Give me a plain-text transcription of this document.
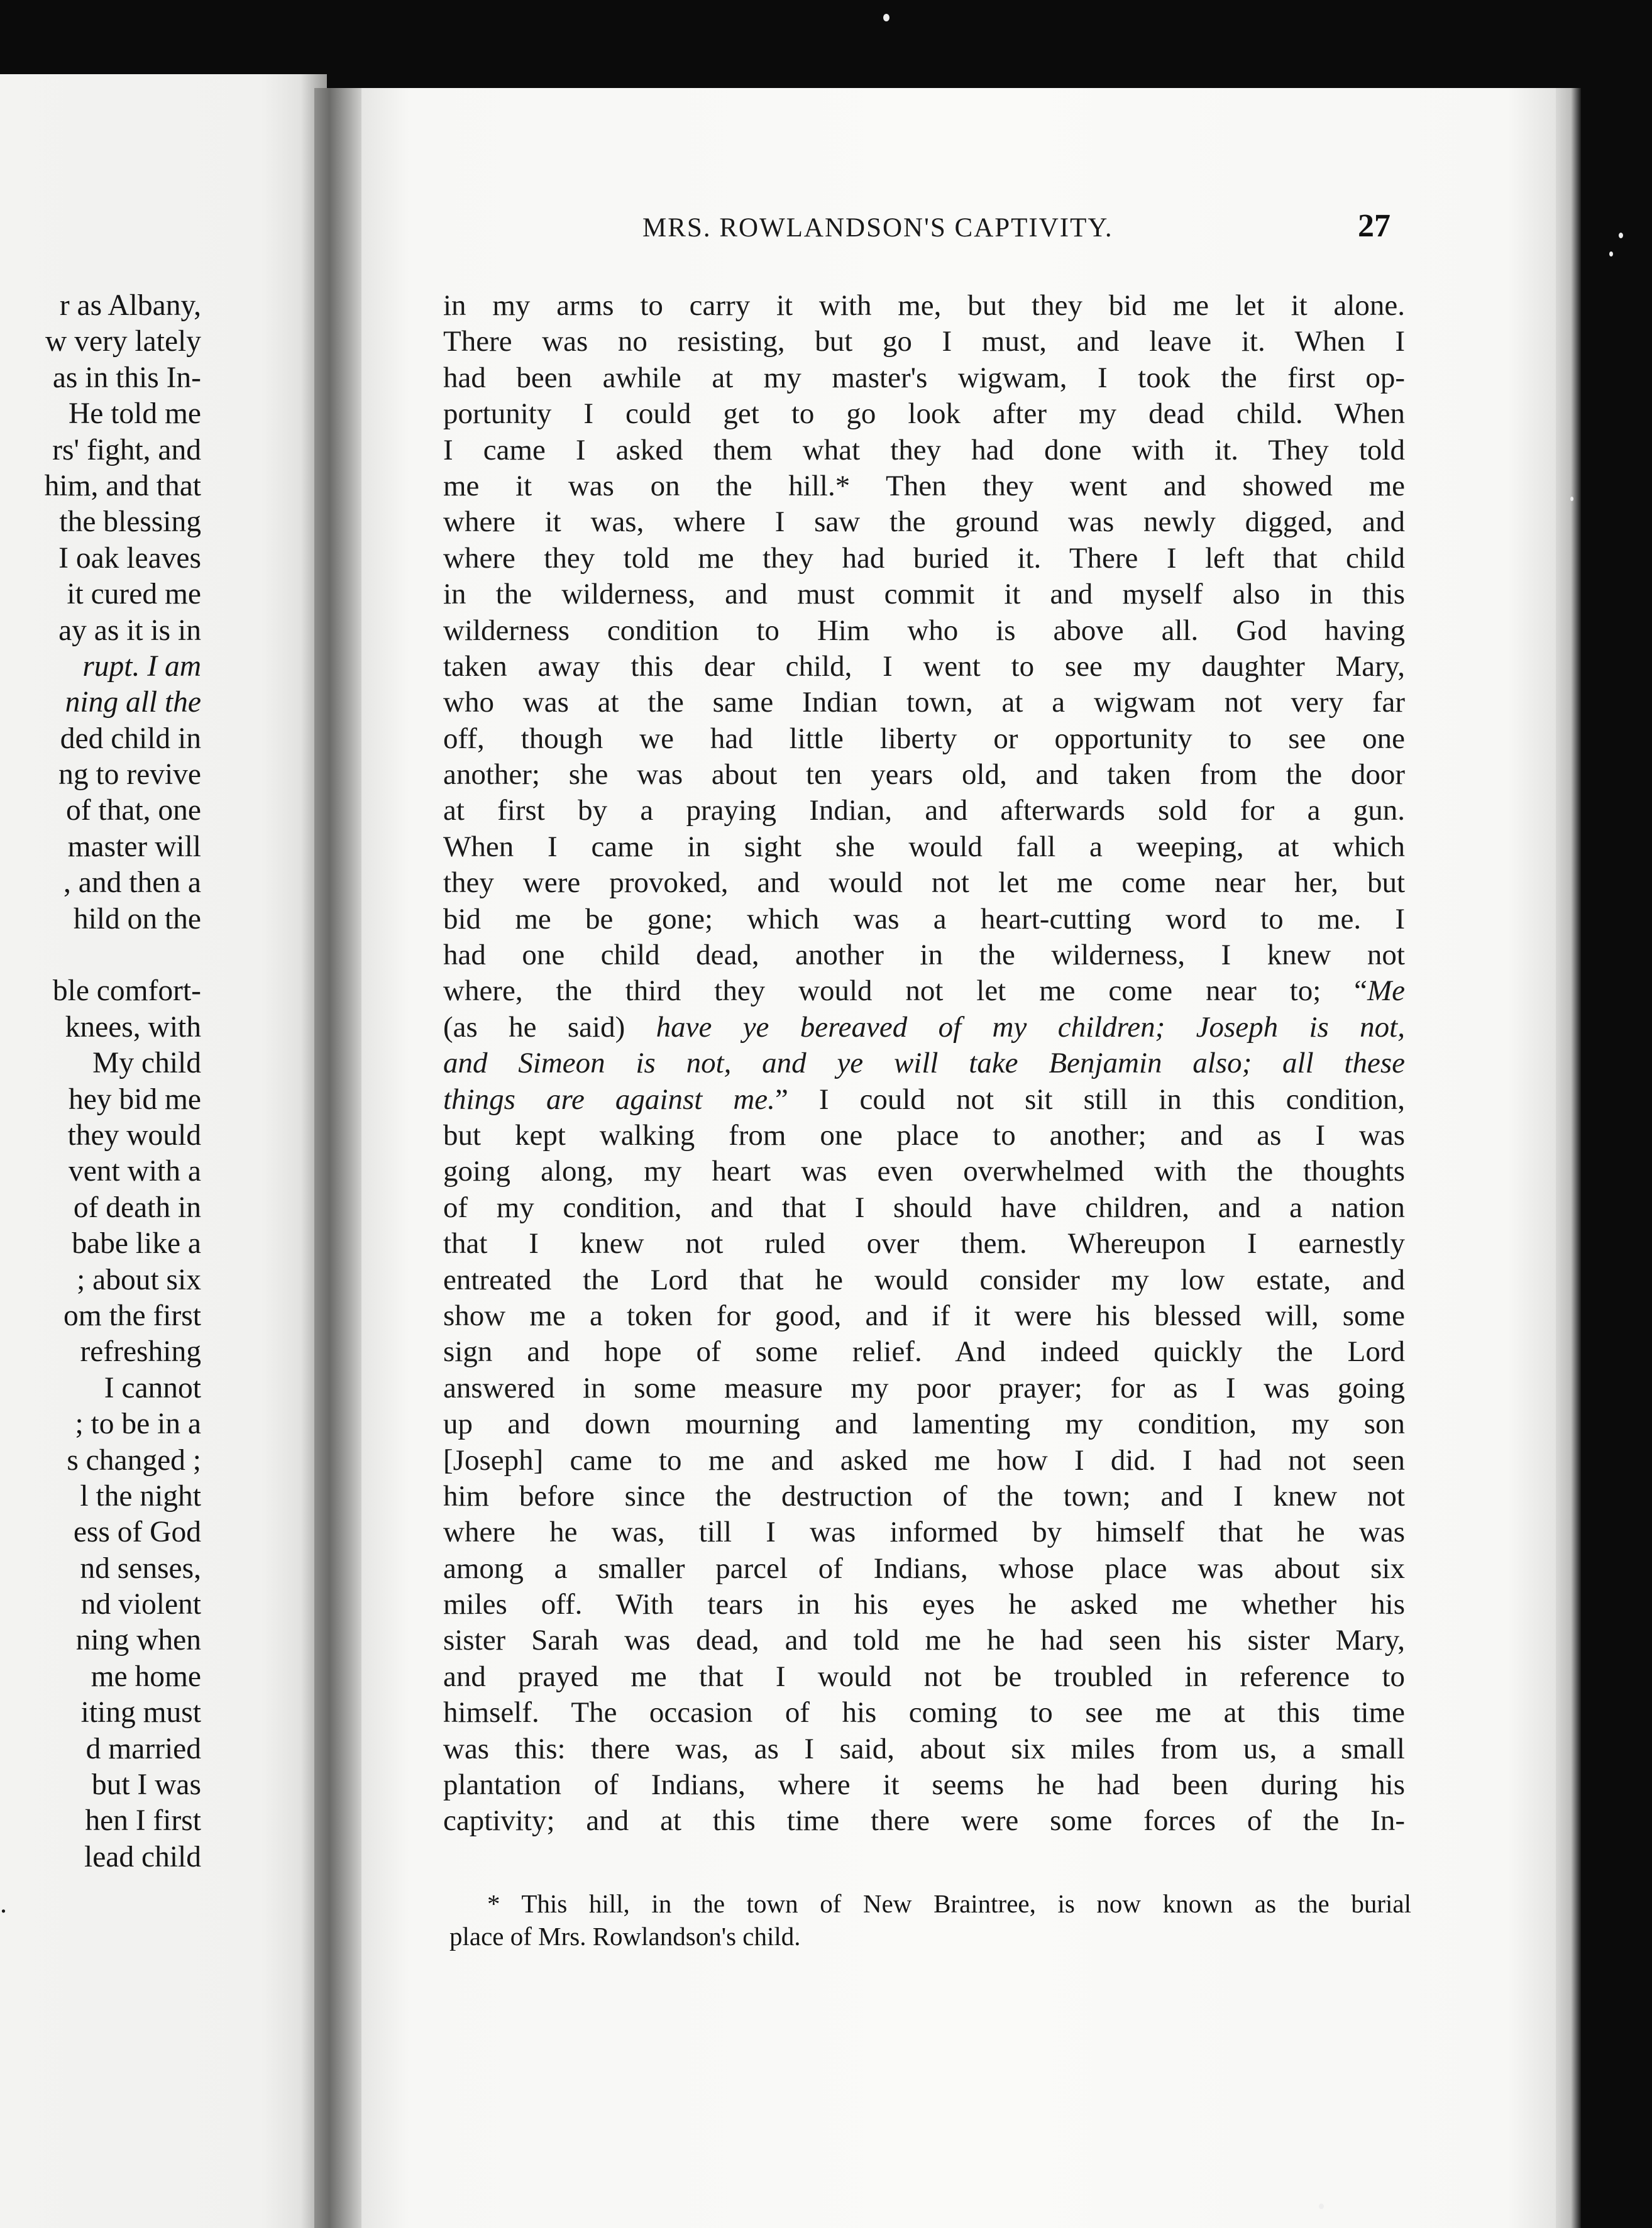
r as Albany,
w very lately
as in this In-
He told me
rs' fight, and
him, and that
the blessing
I oak leaves
it cured me
ay as it is in
rupt. I am
ning all the
ded child in
ng to revive
of that, one
master will
, and then a
hild on the
ble comfort-
knees, with
My child
hey bid me
they would
vent with a
of death in
babe like a
; about six
om the first
refreshing
I cannot
; to be in a
s changed ;
l the night
ess of God
nd senses,
nd violent
ning when
me home
iting must
d married
but I was
hen I first
lead child
.
MRS. ROWLANDSON'S CAPTIVITY.	27
in my arms to carry it with me, but they bid me let it alone.
There was no resisting, but go I must, and leave it. When I
had been awhile at my master's wigwam, I took the first op-
portunity I could get to go look after my dead child. When
I came I asked them what they had done with it. They told
me it was on the hill.* Then they went and showed me
where it was, where I saw the ground was newly digged, and
where they told me they had buried it. There I left that child
in the wilderness, and must commit it and myself also in this
wilderness condition to Him who is above all. God having
taken away this dear child, I went to see my daughter Mary,
who was at the same Indian town, at a wigwam not very far
off, though we had little liberty or opportunity to see one
another; she was about ten years old, and taken from the door
at first by a praying Indian, and afterwards sold for a gun.
When I came in sight she would fall a weeping, at which
they were provoked, and would not let me come near her, but
bid me be gone; which was a heart-cutting word to me. I
had one child dead, another in the wilderness, I knew not
where, the third they would not let me come near to; “Me
(as he said) have ye bereaved of my children; Joseph is not,
and Simeon is not, and ye will take Benjamin also; all these
things are against me.” I could not sit still in this condition,
but kept walking from one place to another; and as I was
going along, my heart was even overwhelmed with the thoughts
of my condition, and that I should have children, and a nation
that I knew not ruled over them. Whereupon I earnestly
entreated the Lord that he would consider my low estate, and
show me a token for good, and if it were his blessed will, some
sign and hope of some relief. And indeed quickly the Lord
answered in some measure my poor prayer; for as I was going
up and down mourning and lamenting my condition, my son
[Joseph] came to me and asked me how I did. I had not seen
him before since the destruction of the town; and I knew not
where he was, till I was informed by himself that he was
among a smaller parcel of Indians, whose place was about six
miles off. With tears in his eyes he asked me whether his
sister Sarah was dead, and told me he had seen his sister Mary,
and prayed me that I would not be troubled in reference to
himself. The occasion of his coming to see me at this time
was this: there was, as I said, about six miles from us, a small
plantation of Indians, where it seems he had been during his
captivity; and at this time there were some forces of the In-
* This hill, in the town of New Braintree, is now known as the burial
place of Mrs. Rowlandson's child.
